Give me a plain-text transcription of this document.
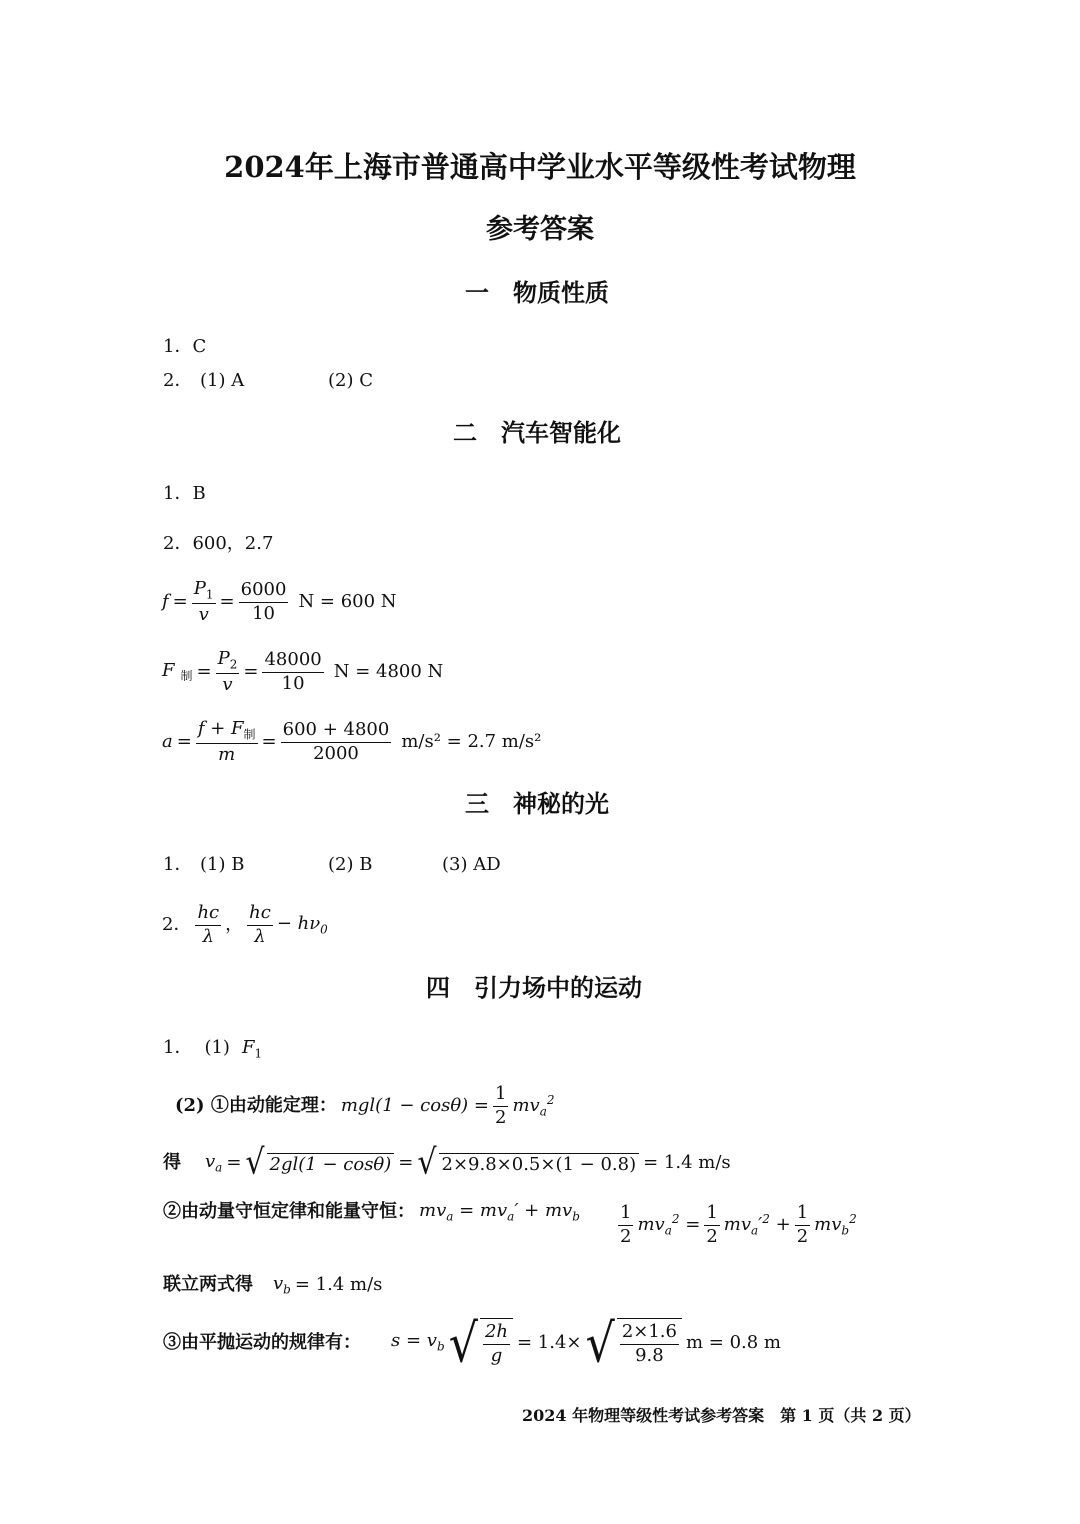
2024年上海市普通高中学业水平等级性考试物理
参考答案
一 物质性质
1．C
2． (1) A	(2) C
二 汽车智能化
1．B
2．600，2.7
$f = \frac{P_1}{v} = \frac{6000}{10}$ N = 600 N
F $_制 = \frac{P_2}{v} = \frac{48000}{10}$ N = 4800 N
$a = \frac{f + F_制}{m} = \frac{600 + 4800}{2000} m/s^2 = 2.7$ m/s²
三 神秘的光
1． (1) B	(2) B	(3) AD
2． $\frac{hc}{\lambda}$ ， $\frac{hc}{\lambda} - h\nu_0$
四 引力场中的运动
1． (1) $F_1$
(2) ①由动能定理： $mgl(1 - \cos\theta) = \frac{1}{2} mv_a^2$
得 $v_a$ = √ 2gl(1 − cosθ) = √ 2×9.8×0.5×(1 − 0.8) = 1.4 m/s
②由动量守恒定律和能量守恒： $mv_a = mv_a' + mv_b \frac{1}{2} mv_a^2 = \frac{1}{2} mv_a'^2 + \frac{1}{2} mv_b^2$
联立两式得 $v_b = 1.4$ m/s
③由平抛运动的规律有： $s = v_b$ √ $\frac{2h}{g} = 1.4\times$ √ $\frac{2\times 1.6}{9.8}$ m = 0.8 m
2024 年物理等级性考试参考答案　第 1 页（共 2 页）
